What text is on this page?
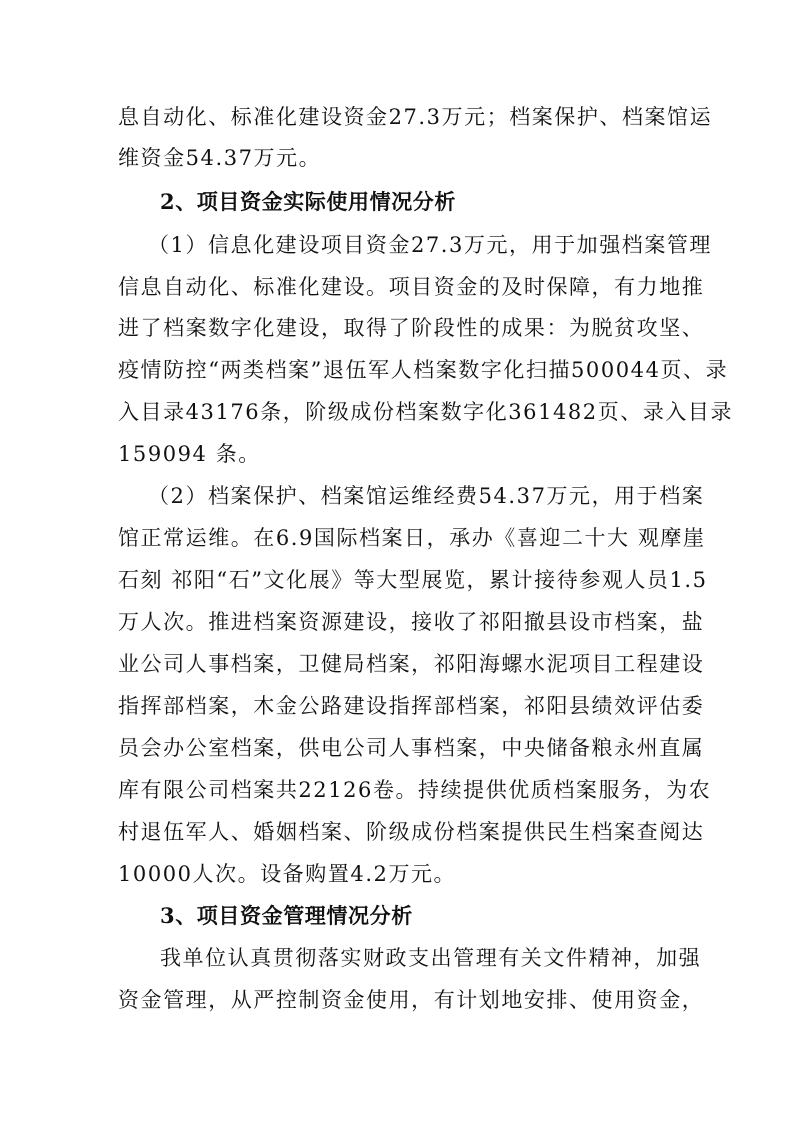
息自动化、标准化建设资金27.3万元；档案保护、档案馆运

维资金54.37万元。

2、项目资金实际使用情况分析

（1）信息化建设项目资金27.3万元，用于加强档案管理

信息自动化、标准化建设。项目资金的及时保障，有力地推

进了档案数字化建设，取得了阶段性的成果：为脱贫攻坚、

疫情防控“两类档案”退伍军人档案数字化扫描500044页、录

入目录43176条，阶级成份档案数字化361482页、录入目录

159094 条。

（2）档案保护、档案馆运维经费54.37万元，用于档案

馆正常运维。在6.9国际档案日，承办《喜迎二十大 观摩崖

石刻 祁阳“石”文化展》等大型展览，累计接待参观人员1.5

万人次。推进档案资源建设，接收了祁阳撤县设市档案，盐

业公司人事档案，卫健局档案，祁阳海螺水泥项目工程建设

指挥部档案，木金公路建设指挥部档案，祁阳县绩效评估委

员会办公室档案，供电公司人事档案，中央储备粮永州直属

库有限公司档案共22126卷。持续提供优质档案服务，为农

村退伍军人、婚姻档案、阶级成份档案提供民生档案查阅达

10000人次。设备购置4.2万元。

3、项目资金管理情况分析

我单位认真贯彻落实财政支出管理有关文件精神，加强

资金管理，从严控制资金使用，有计划地安排、使用资金，
